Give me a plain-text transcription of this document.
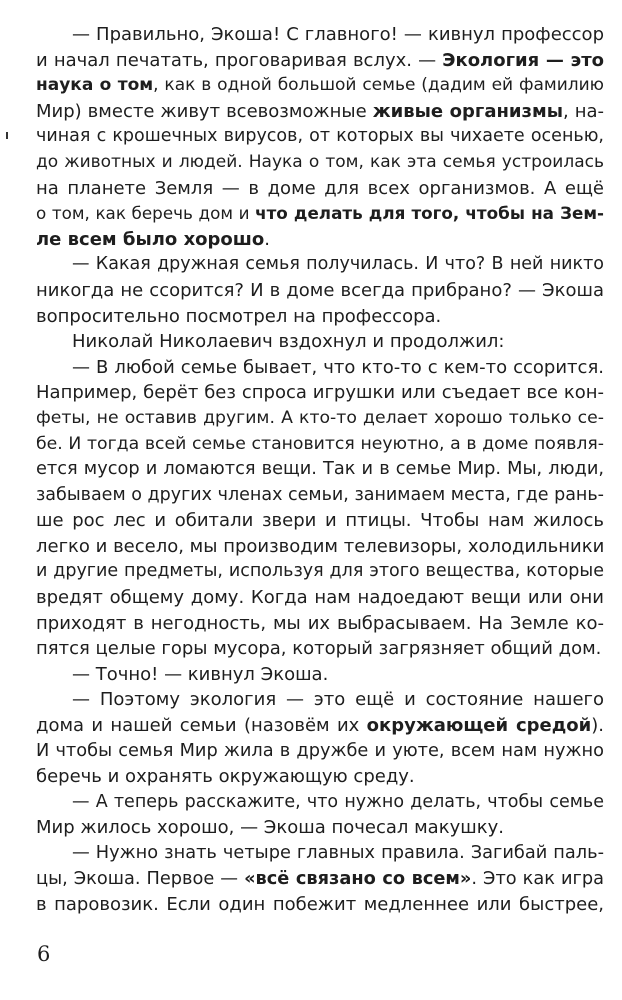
— Правильно, Экоша! С главного! — кивнул профессор
и начал печатать, проговаривая вслух. — Экология — это
наука о том, как в одной большой семье (дадим ей фамилию
Мир) вместе живут всевозможные живые организмы, на-
чиная с крошечных вирусов, от которых вы чихаете осенью,
до животных и людей. Наука о том, как эта семья устроилась
на планете Земля — в доме для всех организмов. А ещё
о том, как беречь дом и что делать для того, чтобы на Зем-
ле всем было хорошо.
— Какая дружная семья получилась. И что? В ней никто
никогда не ссорится? И в доме всегда прибрано? — Экоша
вопросительно посмотрел на профессора.
Николай Николаевич вздохнул и продолжил:
— В любой семье бывает, что кто-то с кем-то ссорится.
Например, берёт без спроса игрушки или съедает все кон-
феты, не оставив другим. А кто-то делает хорошо только се-
бе. И тогда всей семье становится неуютно, а в доме появля-
ется мусор и ломаются вещи. Так и в семье Мир. Мы, люди,
забываем о других членах семьи, занимаем места, где рань-
ше рос лес и обитали звери и птицы. Чтобы нам жилось
легко и весело, мы производим телевизоры, холодильники
и другие предметы, используя для этого вещества, которые
вредят общему дому. Когда нам надоедают вещи или они
приходят в негодность, мы их выбрасываем. На Земле ко-
пятся целые горы мусора, который загрязняет общий дом.
— Точно! — кивнул Экоша.
— Поэтому экология — это ещё и состояние нашего
дома и нашей семьи (назовём их окружающей средой).
И чтобы семья Мир жила в дружбе и уюте, всем нам нужно
беречь и охранять окружающую среду.
— А теперь расскажите, что нужно делать, чтобы семье
Мир жилось хорошо, — Экоша почесал макушку.
— Нужно знать четыре главных правила. Загибай паль-
цы, Экоша. Первое — «всё связано со всем». Это как игра
в паровозик. Если один побежит медленнее или быстрее,
6
